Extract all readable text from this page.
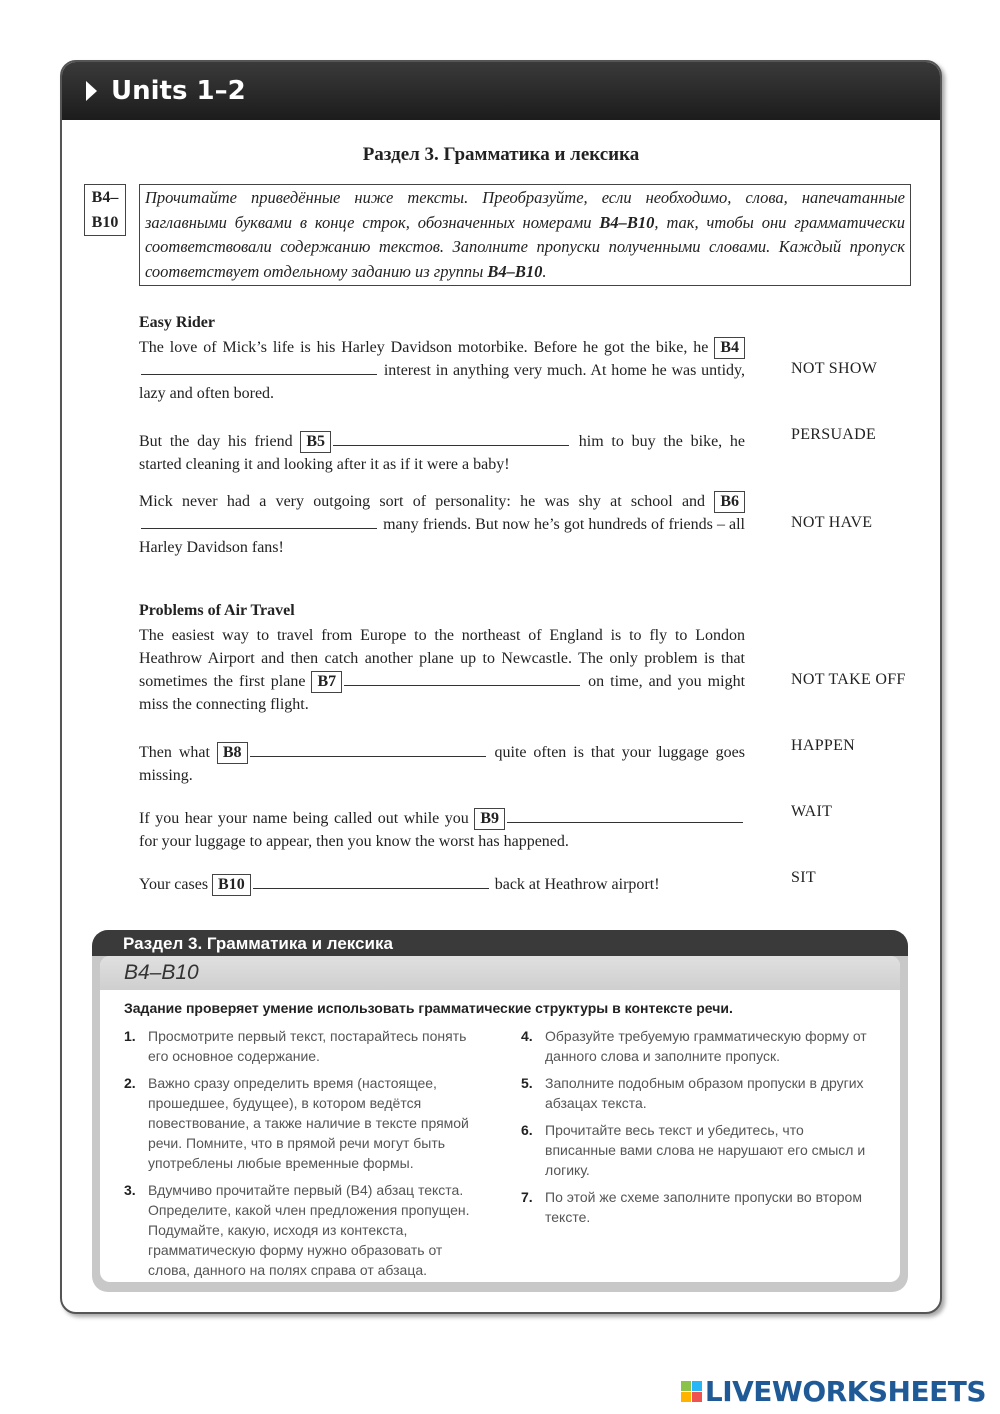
Units 1–2
Раздел 3. Грамматика и лексика
B4–
B10
Прочитайте приведённые ниже тексты. Преобразуйте, если необходимо, слова, напечатанные заглавными буквами в конце строк, обозначенных номерами B4–B10, так, чтобы они грамматически соответствовали содержанию текстов. Заполните пропуски полученными словами. Каждый пропуск соответствует отдельному заданию из группы B4–B10.
Easy Rider
The love of Mick’s life is his Harley Davidson motorbike. Before he got the bike, he B4 interest in anything very much. At home he was untidy, lazy and often bored.
NOT SHOW
But the day his friend B5	him to buy the bike, he started cleaning it and looking after it as if it were a baby!
PERSUADE
Mick never had a very outgoing sort of personality: he was shy at school and B6 many friends. But now he’s got hundreds of friends – all Harley Davidson fans!
NOT HAVE
Problems of Air Travel
The easiest way to travel from Europe to the northeast of England is to fly to London Heathrow Airport and then catch another plane up to Newcastle. The only problem is that sometimes the first plane B7	on time, and you might miss the connecting flight.
NOT TAKE OFF
Then what B8	quite often is that your luggage goes missing.
HAPPEN
If you hear your name being called out while you B9 for your luggage to appear, then you know the worst has happened.
WAIT
Your cases B10	back at Heathrow airport!	SIT
Раздел 3. Грамматика и лексика
B4–B10
Задание проверяет умение использовать грамматические структуры в контексте речи.
1. Просмотрите первый текст, постарайтесь понять его основное содержание.
2. Важно сразу определить время (настоящее, прошедшее, будущее), в котором ведётся повествование, а также наличие в тексте прямой речи. Помните, что в прямой речи могут быть употреблены любые временные формы.
3. Вдумчиво прочитайте первый (B4) абзац текста. Определите, какой член предложения пропущен. Подумайте, какую, исходя из контекста, грамматическую форму нужно образовать от слова, данного на полях справа от абзаца.
4. Образуйте требуемую грамматическую форму от данного слова и заполните пропуск.
5. Заполните подобным образом пропуски в других абзацах текста.
6. Прочитайте весь текст и убедитесь, что вписанные вами слова не нарушают его смысл и логику.
7. По этой же схеме заполните пропуски во втором тексте.
LIVEWORKSHEETS
